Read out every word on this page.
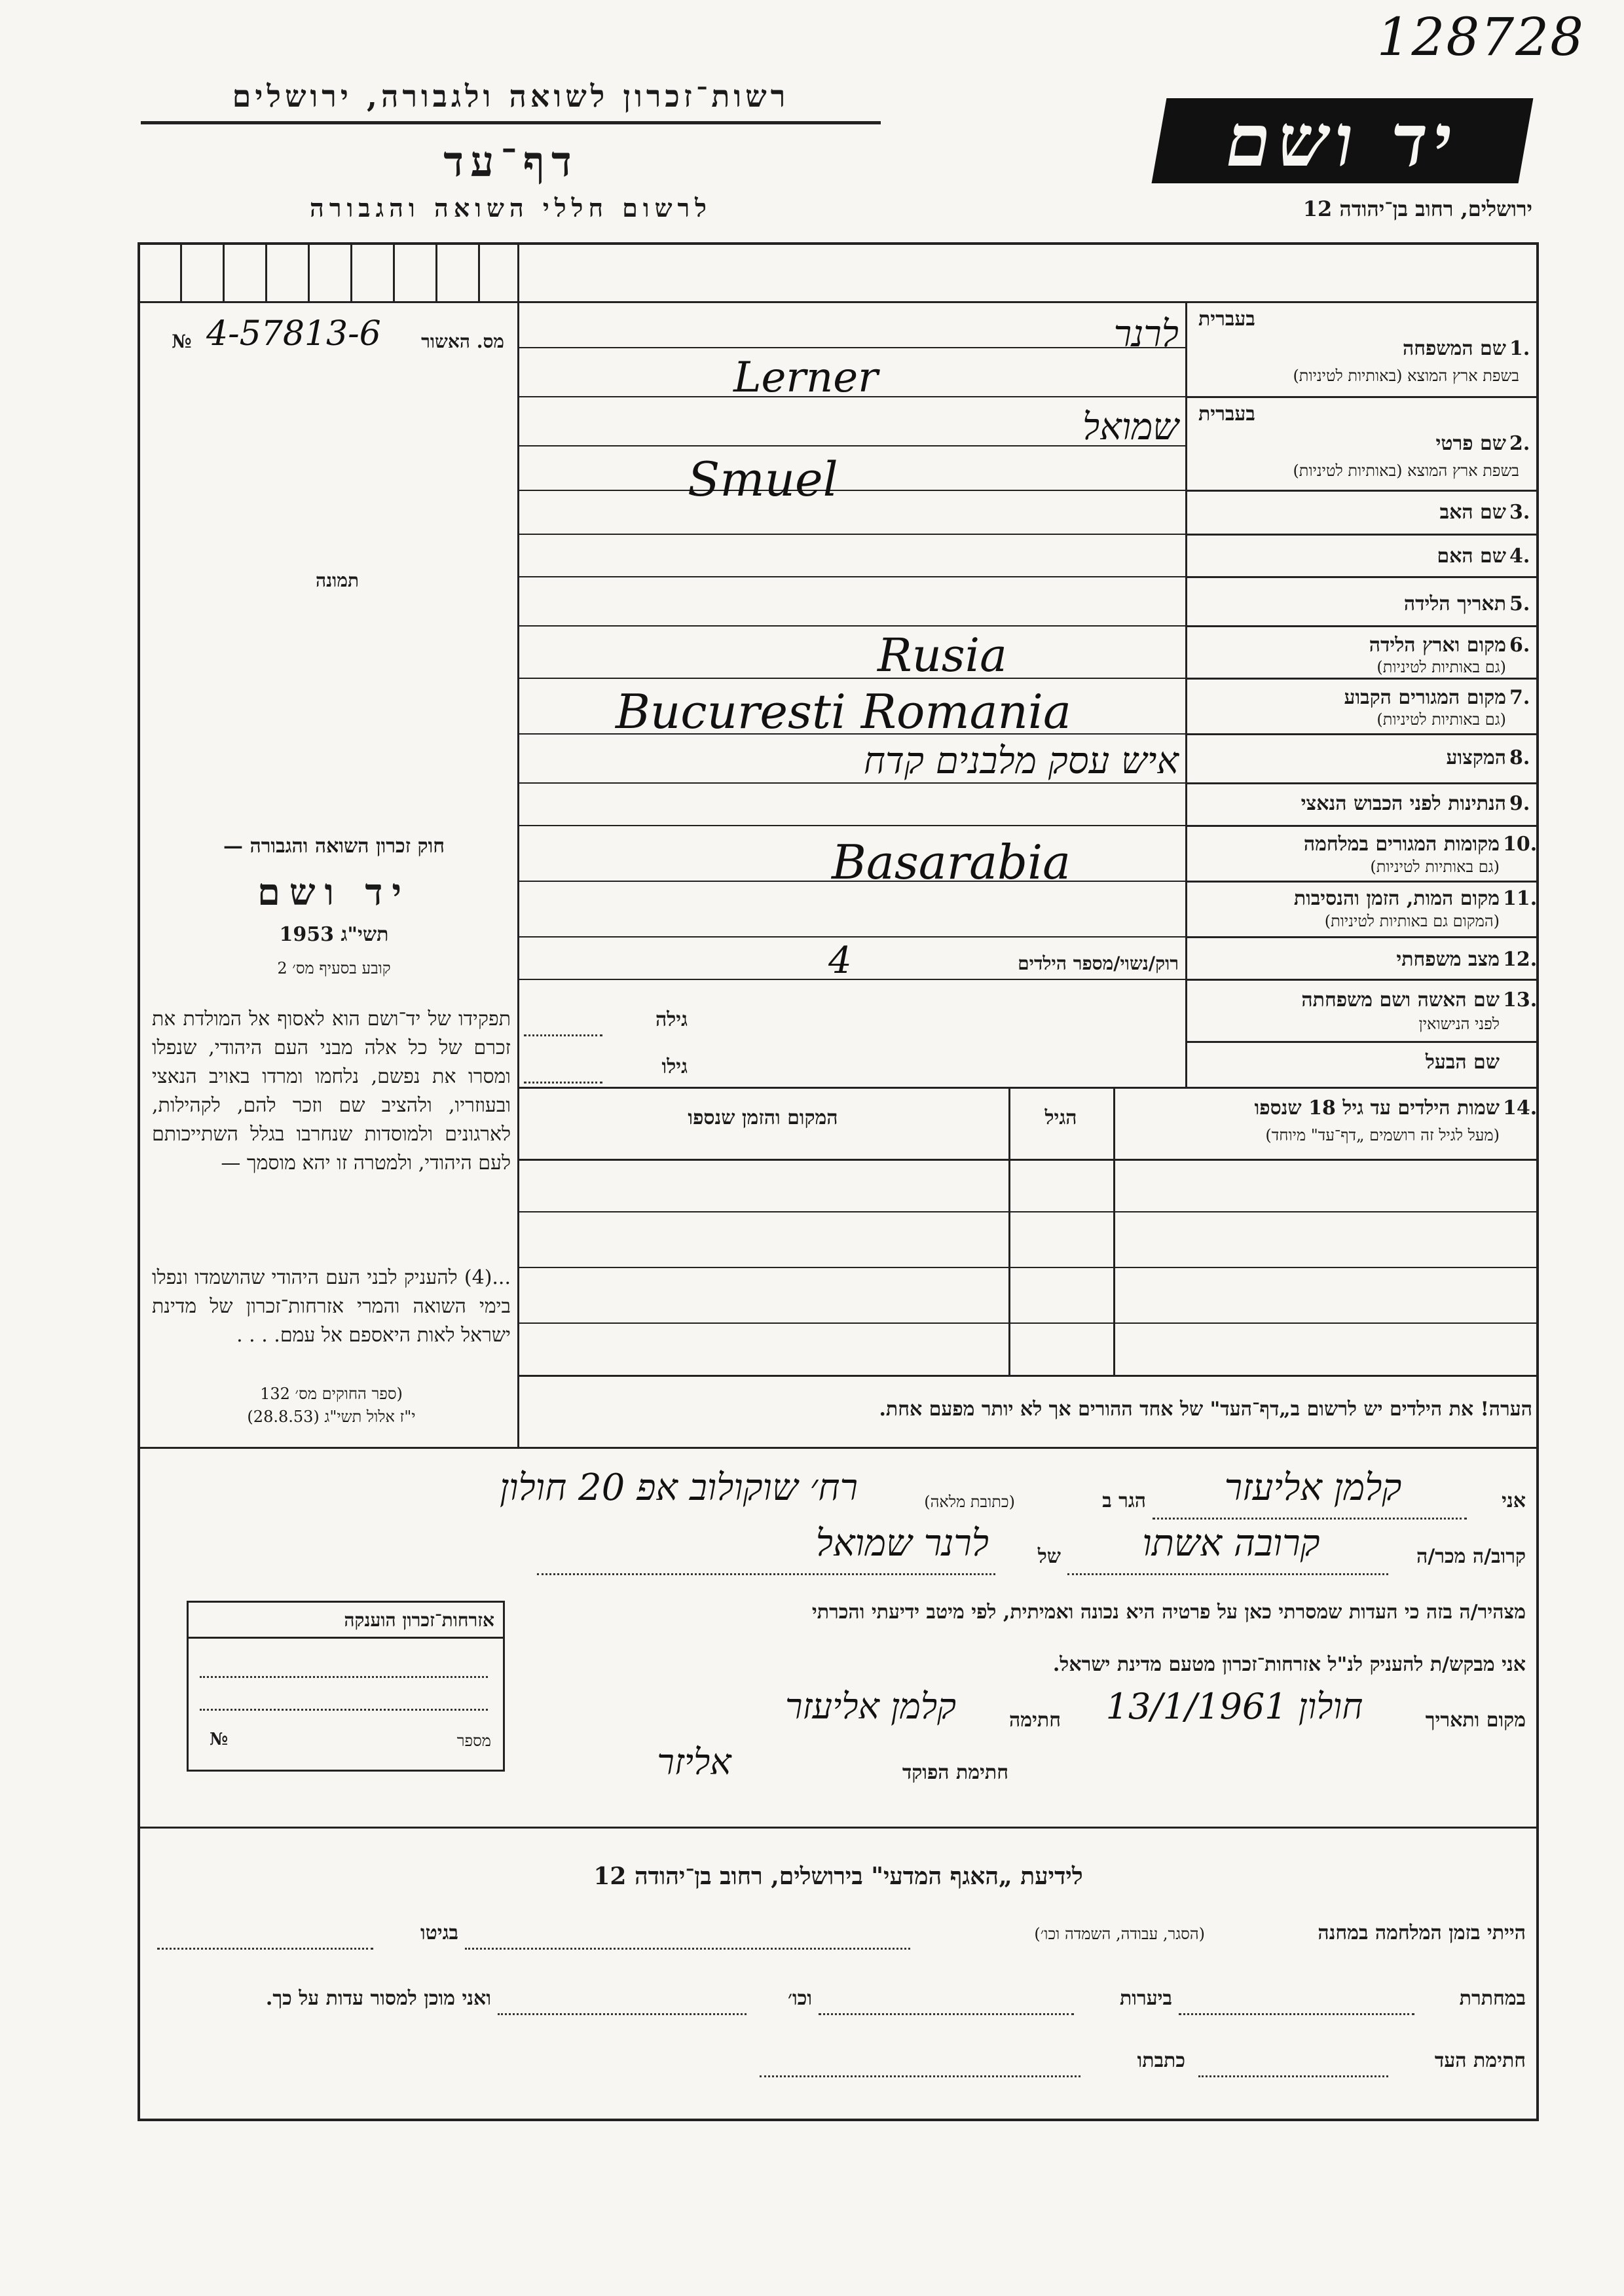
128728
רשות־זכרון לשואה ולגבורה, ירושלים
דף־עד
לרשום חללי השואה והגבורה
יד ושם
ירושלים, רחוב בן־יהודה 12
№ 4-57813-6	מס. האשור
תמונה
בעברית
1.
שם המשפחה
בשפת ארץ המוצא (באותיות לטיניות)
בעברית
2.
שם פרטי
בשפת ארץ המוצא (באותיות לטיניות)
3.
שם האב
4.
שם האם
5.
תאריך הלידה
6.
מקום וארץ הלידה
(גם באותיות לטיניות)
7.
מקום המגורים הקבוע
(גם באותיות לטיניות)
8.
המקצוע
9.
הנתינות לפני הכבוש הנאצי
10.
מקומות המגורים במלחמה
(גם באותיות לטיניות)
11.
מקום המות, הזמן והנסיבות
(המקום גם באותיות לטיניות)
12.
מצב משפחתי
13.
שם האשה ושם משפחתה
לפני הנישואין
שם הבעל
לרנר
Lerner
שמואל
Smuel
Rusia
Bucuresti Romania
איש עסק מלבנים קדח
Basarabia
רוק/נשוי/מספר הילדים
4
גילה
גילו
14.
שמות הילדים עד גיל 18 שנספו
(מעל לגיל זה רושמים „דף־עד" מיוחד)
הגיל
המקום והזמן שנספו
הערה! את הילדים יש לרשום ב„דף־העד" של אחד ההורים אך לא יותר מפעם אחת.
חוק זכרון השואה והגבורה —
יד ושם
תשי"ג 1953
קובע בסעיף מס׳ 2
תפקידו של יד־ושם הוא לאסוף אל המולדת את זכרם של כל אלה מבני העם היהודי, שנפלו ומסרו את נפשם, נלחמו ומרדו באויב הנאצי ובעוזריו, ולהציב שם וזכר להם, לקהילות, לארגונים ולמוסדות שנחרבו בגלל השתייכותם לעם היהודי, ולמטרה זו יהא מוסמך —
...(4) להעניק לבני העם היהודי שהושמדו ונפלו בימי השואה והמרי אזרחות־זכרון של מדינת ישראל לאות היאספם אל עמם. . . .
(ספר החוקים מס׳ 132
י"ז אלול תשי"ג (28.8.53)
אני
קלמן אליעזר
הגר ב
(כתובת מלאה)
רח׳ שוקולוב אפ 20 חולון
קרוב/ה מכר/ה
קרובה אשתו
של
לרנר שמואל
מצהיר/ה בזה כי העדות שמסרתי כאן על פרטיה היא נכונה ואמיתית, לפי מיטב ידיעתי והכרתי
אני מבקש/ת להעניק לנ"ל אזרחות־זכרון מטעם מדינת ישראל.
מקום ותאריך
חולון 13/1/1961
חתימה
קלמן אליעזר
חתימת הפוקד
אליזר
אזרחות־זכרון הוענקה
№	מספר
לידיעת „האגף המדעי" בירושלים, רחוב בן־יהודה 12
הייתי בזמן המלחמה במחנה
(הסגר, עבודה, השמדה וכו׳)
בגיטו
במחתרת
ביערות
וכו׳
ואני מוכן למסור עדות על כך.
חתימת העד
כתבתו
